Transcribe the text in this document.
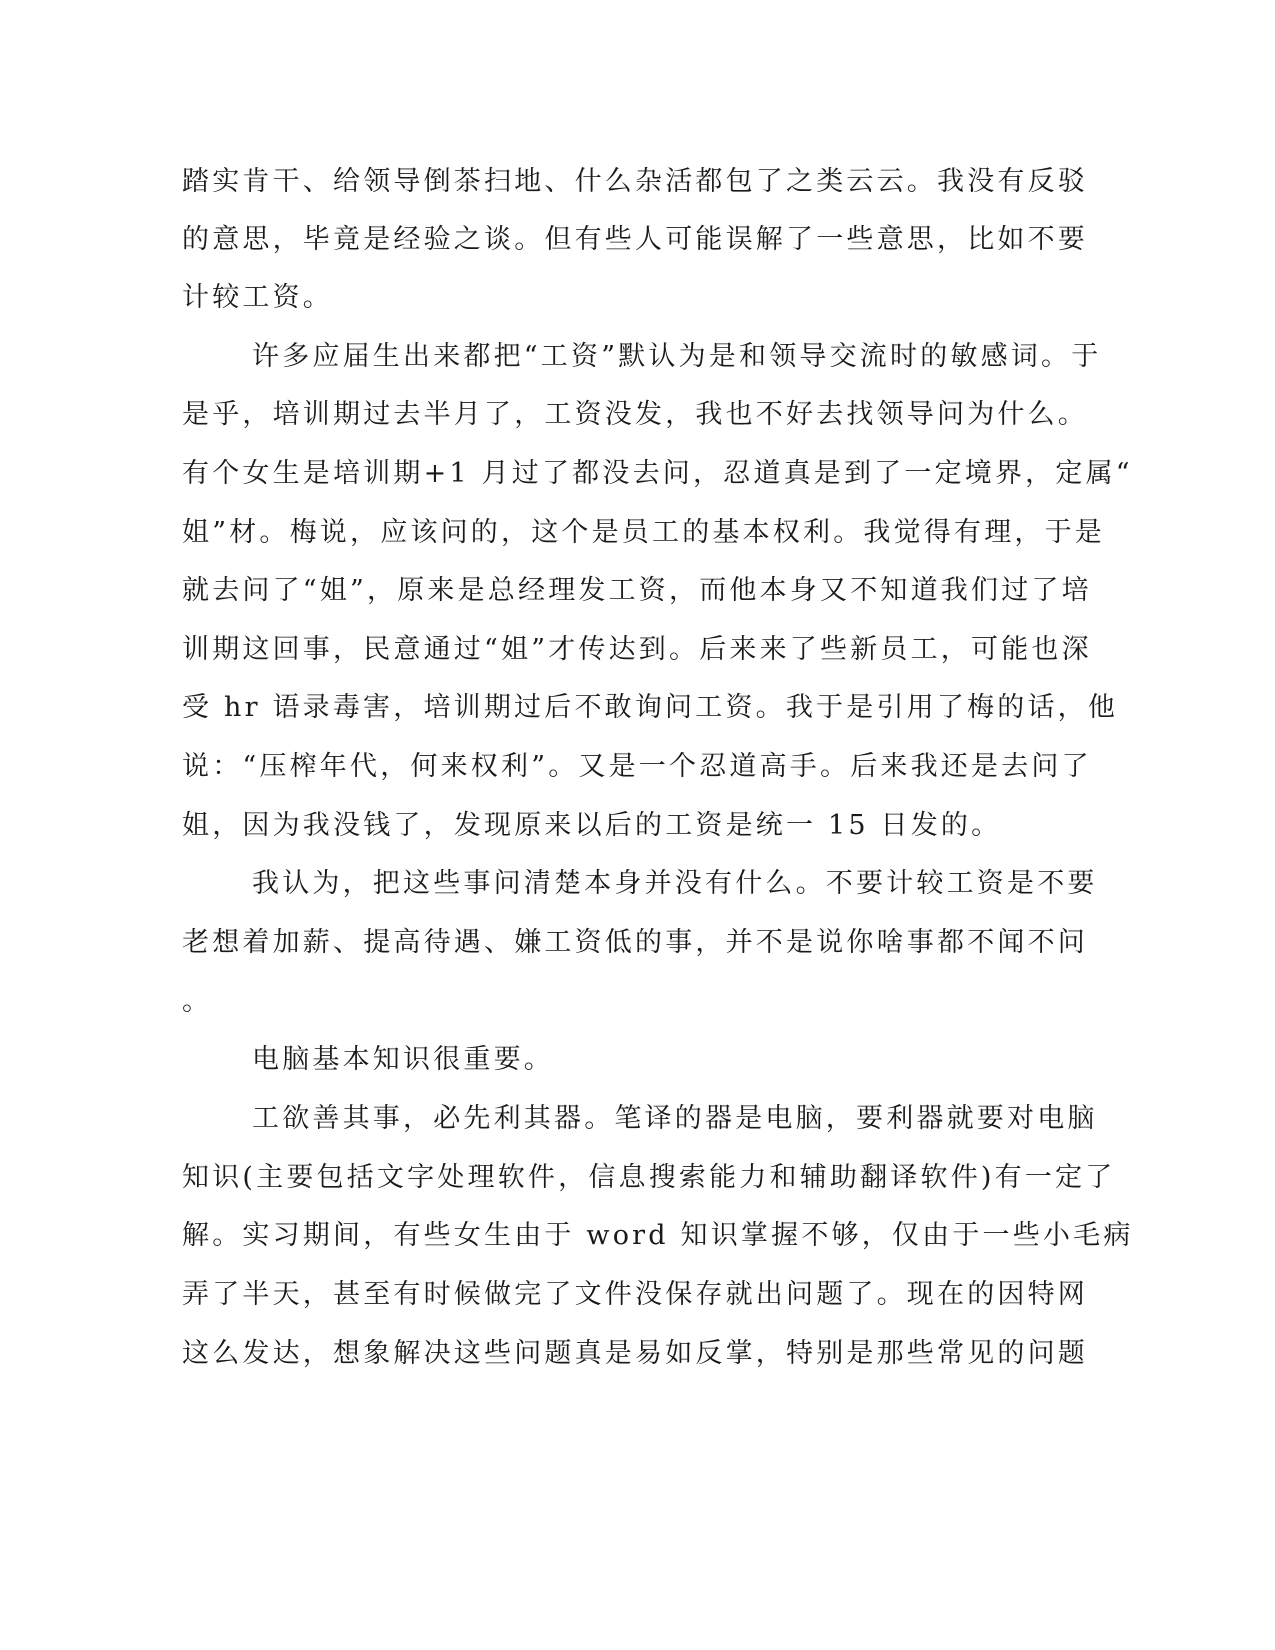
踏实肯干、给领导倒茶扫地、什么杂活都包了之类云云。我没有反驳
的意思，毕竟是经验之谈。但有些人可能误解了一些意思，比如不要
计较工资。
许多应届生出来都把“工资”默认为是和领导交流时的敏感词。于
是乎，培训期过去半月了，工资没发，我也不好去找领导问为什么。
有个女生是培训期+1 月过了都没去问，忍道真是到了一定境界，定属“
姐”材。梅说，应该问的，这个是员工的基本权利。我觉得有理，于是
就去问了“姐”，原来是总经理发工资，而他本身又不知道我们过了培
训期这回事，民意通过“姐”才传达到。后来来了些新员工，可能也深
受 hr 语录毒害，培训期过后不敢询问工资。我于是引用了梅的话，他
说：“压榨年代，何来权利”。又是一个忍道高手。后来我还是去问了
姐，因为我没钱了，发现原来以后的工资是统一 15 日发的。
我认为，把这些事问清楚本身并没有什么。不要计较工资是不要
老想着加薪、提高待遇、嫌工资低的事，并不是说你啥事都不闻不问
。
电脑基本知识很重要。
工欲善其事，必先利其器。笔译的器是电脑，要利器就要对电脑
知识(主要包括文字处理软件，信息搜索能力和辅助翻译软件)有一定了
解。实习期间，有些女生由于 word 知识掌握不够，仅由于一些小毛病
弄了半天，甚至有时候做完了文件没保存就出问题了。现在的因特网
这么发达，想象解决这些问题真是易如反掌，特别是那些常见的问题
